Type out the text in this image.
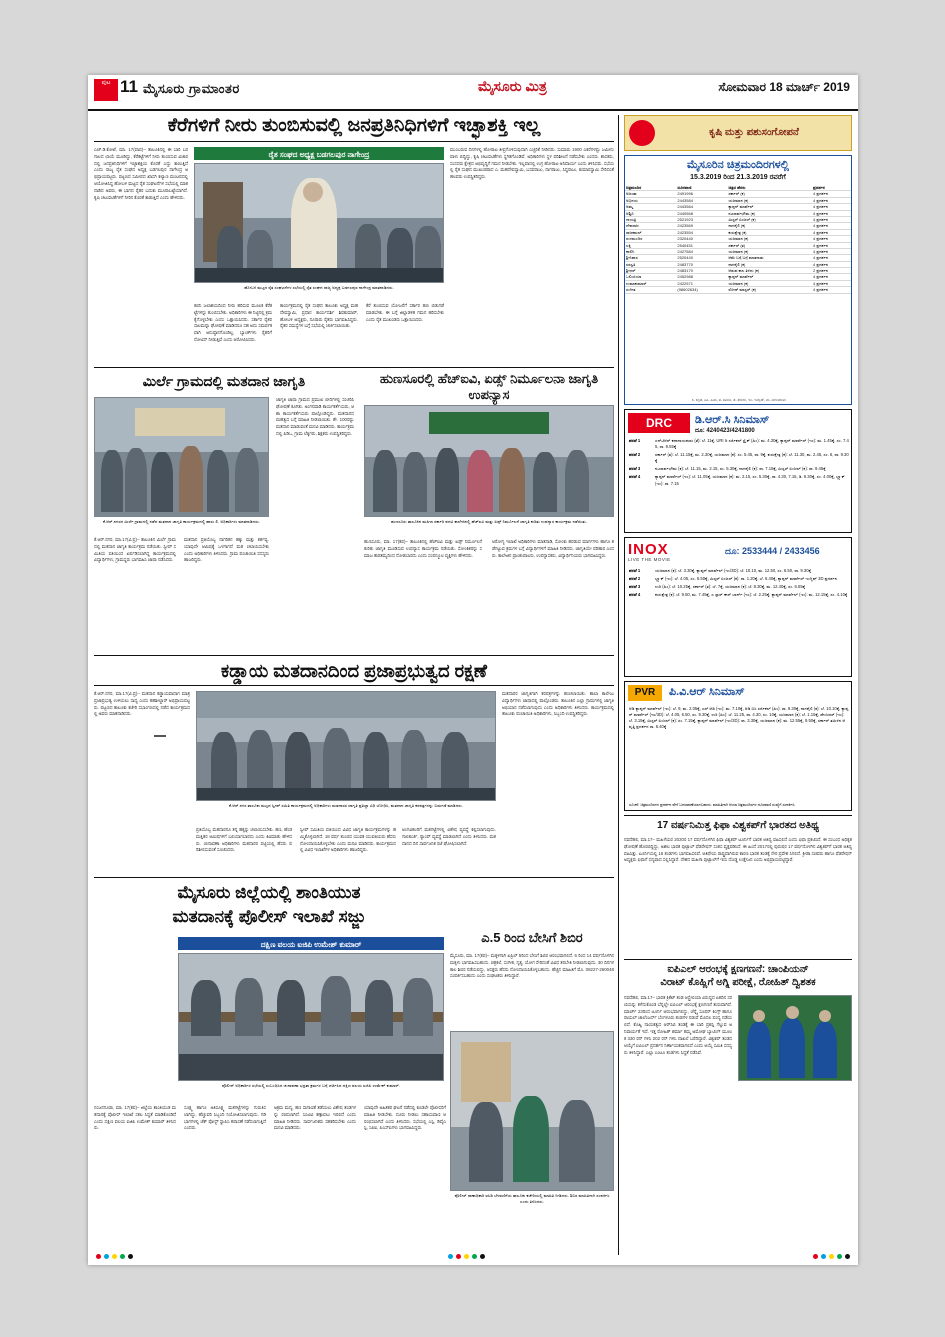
ಪುಟ 11 ಮೈಸೂರು ಗ್ರಾಮಾಂತರ	ಮೈಸೂರು ಮಿತ್ರ	ಸೋಮವಾರ 18 ಮಾರ್ಚ್ 2019
ಕೆರೆಗಳಿಗೆ ನೀರು ತುಂಬಿಸುವಲ್ಲಿ ಜನಪ್ರತಿನಿಧಿಗಳಿಗೆ ಇಚ್ಛಾಶಕ್ತಿ ಇಲ್ಲ
ಎಚ್.ಡಿ.ಕೋಟೆ, ಮಾ. 17(ವಾಪ)– ತಾಲೂಕಿನಲ್ಲಿ ಈ ಬಾರಿ ಬರಗಾಲದ ಛಾಯೆ ಮೂಡಿದ್ದು, ಕೆರೆಕಟ್ಟೆಗಳಿಗೆ ನೀರು ತುಂಬಿಸುವ ವಿಚಾರದಲ್ಲಿ ಜನಪ್ರತಿನಿಧಿಗಳಿಗೆ ಇಚ್ಛಾಶಕ್ತಿಯ ಕೊರತೆ ಎದ್ದು ಕಾಣುತ್ತಿದೆ ಎಂದು ರಾಜ್ಯ ರೈತ ಸಂಘದ ಅಧ್ಯಕ್ಷ ಬಡಗಲಪುರ ನಾಗೇಂದ್ರ ಅಭಿಪ್ರಾಯಪಟ್ಟರು. ಪಟ್ಟಣದ ಸಮೀಪದ ಖಾಸಗಿ ಕಲ್ಯಾಣ ಮಂಟಪದಲ್ಲಿ ಆಯೋಜಿಸಿದ್ದ ಹೋಬಳಿ ಮಟ್ಟದ ರೈತ ಸಂಘಟನೆಗಳ ಸಭೆಯಲ್ಲಿ ಮಾತನಾಡಿದ ಅವರು, ಈ ಭಾಗದ ರೈತರ ಬದುಕು ಮೂರಾಬಟ್ಟೆಯಾಗಿದೆ. ಕೃಷಿ ಚಟುವಟಿಕೆಗಳಿಗೆ ನೀರಿನ ಕೊರತೆ ಕಾಡುತ್ತಿದೆ ಎಂದು ಹೇಳಿದರು.
ರೈತ ಸಂಘದ ಅಧ್ಯಕ್ಷ ಬಡಗಲಪುರ ನಾಗೇಂದ್ರ
ಹೋಬಳಿ ಮಟ್ಟದ ರೈತ ಸಂಘಟನೆಗಳ ಸಭೆಯಲ್ಲಿ ರೈತ ಸಂಘದ ರಾಜ್ಯ ಅಧ್ಯಕ್ಷ ಬಡಗಲಪುರ ನಾಗೇಂದ್ರ ಮಾತನಾಡಿದರು.
ಕಬಿನಿ ಜಲಾಶಯದಿಂದ ನೀರು ಹರಿಸುವ ಮೂಲಕ ಕೆರೆಕಟ್ಟೆಗಳನ್ನು ತುಂಬಿಸಬೇಕು. ಅಧಿಕಾರಿಗಳು ಈ ನಿಟ್ಟಿನಲ್ಲಿ ಕ್ರಮ ಕೈಗೊಳ್ಳಬೇಕು ಎಂದು ಒತ್ತಾಯಿಸಿದರು. ಸರ್ಕಾರ ರೈತರ ಸಾಲಮನ್ನಾ ಘೋಷಣೆ ಮಾಡಿದರೂ ಸಹ ಅದು ಸಮರ್ಪಕವಾಗಿ ಅನುಷ್ಠಾನಗೊಂಡಿಲ್ಲ. ಬ್ಯಾಂಕ್‌ಗಳು ರೈತರಿಗೆ ನೋಟಿಸ್ ನೀಡುತ್ತಿವೆ ಎಂದು ಆರೋಪಿಸಿದರು.
ಕಾರ್ಯಕ್ರಮದಲ್ಲಿ ರೈತ ಸಂಘದ ತಾಲೂಕು ಅಧ್ಯಕ್ಷ ಮಹದೇವಸ್ವಾಮಿ, ಪ್ರಧಾನ ಕಾರ್ಯದರ್ಶಿ ಶಿವಕುಮಾರ್, ಹೋಬಳಿ ಅಧ್ಯಕ್ಷರು, ನೂರಾರು ರೈತರು ಭಾಗವಹಿಸಿದ್ದರು. ರೈತರ ಸಮಸ್ಯೆಗಳ ಬಗ್ಗೆ ಸಭೆಯಲ್ಲಿ ಚರ್ಚಿಸಲಾಯಿತು.
ಕೆರೆ ತುಂಬಿಸುವ ಯೋಜನೆಗೆ ಸರ್ಕಾರ ಹಣ ಬಿಡುಗಡೆ ಮಾಡಬೇಕು. ಈ ಬಗ್ಗೆ ಜಿಲ್ಲಾಡಳಿತ ಗಮನ ಹರಿಸಬೇಕು ಎಂದು ರೈತ ಮುಖಂಡರು ಒತ್ತಾಯಿಸಿದರು.
ಮುಂಬರುವ ದಿನಗಳಲ್ಲಿ ಹೋರಾಟ ತೀವ್ರಗೊಳಿಸುವುದಾಗಿ ಎಚ್ಚರಿಕೆ ನೀಡಿದರು. ಸುಮಾರು 1900 ಎಕರೆಗಳಷ್ಟು ಜಮೀನು ಪಾಳು ಬಿದ್ದಿದ್ದು, ಕೃಷಿ ಚಟುವಟಿಕೆಗಳು ಸ್ಥಗಿತಗೊಂಡಿವೆ. ಅಧಿಕಾರಿಗಳು ಸ್ಥಳ ಪರಿಶೀಲನೆ ನಡೆಸಬೇಕು ಎಂದರು. ಶಾಸಕರು, ಸಂಸದರು ಕ್ಷೇತ್ರದ ಅಭಿವೃದ್ಧಿಗೆ ಗಮನ ನೀಡಬೇಕು. ಇಲ್ಲವಾದಲ್ಲಿ ಉಗ್ರ ಹೋರಾಟ ಅನಿವಾರ್ಯ ಎಂದು ತಿಳಿಸಿದರು. ಸಭೆಯಲ್ಲಿ ರೈತ ಸಂಘದ ಮುಖಂಡರಾದ ಎ. ಮಹದೇವಸ್ವಾಮಿ, ಬಸವರಾಜು, ನಾಗರಾಜು, ಸಿದ್ದರಾಜು, ಕುಮಾರಸ್ವಾಮಿ ಸೇರಿದಂತೆ ಹಲವರು ಉಪಸ್ಥಿತರಿದ್ದರು.
ಮಿರ್ಲೆ ಗ್ರಾಮದಲ್ಲಿ ಮತದಾನ ಜಾಗೃತಿ	ಹುಣಸೂರಲ್ಲಿ ಹೆಚ್‌ಐವಿ, ಏಡ್ಸ್ ನಿರ್ಮೂಲನಾ ಜಾಗೃತಿ ಉಪನ್ಯಾಸ
ಕೆ.ಆರ್.ನಗರದ ಮಿರ್ಲೆ ಗ್ರಾಮದಲ್ಲಿ ನಡೆದ ಮತದಾನ ಜಾಗೃತಿ ಕಾರ್ಯಕ್ರಮದಲ್ಲಿ ಹಾರು ಲಿ. ಅಧಿಕಾರಿಗಳು ಮಾತನಾಡಿದರು.
ಕೆ.ಆರ್.ನಗರ, ಮಾ.17(ವಿ.ಪ್ರ)– ತಾಲೂಕಿನ ಮಿರ್ಲೆ ಗ್ರಾಮದಲ್ಲಿ ಮತದಾನ ಜಾಗೃತಿ ಕಾರ್ಯಕ್ರಮ ನಡೆಯಿತು. ಸ್ವೀಪ್ ಸಮಿತಿಯ ವತಿಯಿಂದ ಏರ್ಪಡಿಸಲಾಗಿದ್ದ ಕಾರ್ಯಕ್ರಮದಲ್ಲಿ ವಿದ್ಯಾರ್ಥಿಗಳು, ಗ್ರಾಮಸ್ಥರು ಭಾಗವಹಿಸಿ ಜಾಥಾ ನಡೆಸಿದರು.
ಮತದಾನ ಪ್ರತಿಯೊಬ್ಬ ನಾಗರಿಕನ ಹಕ್ಕು ಮತ್ತು ಕರ್ತವ್ಯ. ಯಾವುದೇ ಆಮಿಷಕ್ಕೆ ಒಳಗಾಗದೆ ಮತ ಚಲಾಯಿಸಬೇಕು ಎಂದು ಅಧಿಕಾರಿಗಳು ತಿಳಿಸಿದರು. ಗ್ರಾಮ ಪಂಚಾಯಿತಿ ಸದಸ್ಯರು ಹಾಜರಿದ್ದರು.
ಜಾಗೃತಿ ಜಾಥಾ ಗ್ರಾಮದ ಪ್ರಮುಖ ಬೀದಿಗಳಲ್ಲಿ ಸಂಚರಿಸಿ ಘೋಷಣೆ ಕೂಗಿತು. ಅಂಗನವಾಡಿ ಕಾರ್ಯಕರ್ತೆಯರು, ಆಶಾ ಕಾರ್ಯಕರ್ತೆಯರು ಪಾಲ್ಗೊಂಡಿದ್ದರು. ಮತದಾನದ ಮಹತ್ವದ ಬಗ್ಗೆ ಮಾಹಿತಿ ನೀಡಲಾಯಿತು. ಶೇ. 100ರಷ್ಟು ಮತದಾನ ಮಾಡುವಂತೆ ಮನವಿ ಮಾಡಿದರು. ಕಾರ್ಯಕ್ರಮದಲ್ಲಿ ಪಿಡಿಒ, ಗ್ರಾಮ ಲೆಕ್ಕಿಗರು, ಶಿಕ್ಷಕರು ಉಪಸ್ಥಿತರಿದ್ದರು.
ಹುಣಸೂರು ತಾಲೂಕಿನ ಮಹಿಳಾ ಸರ್ಕಾರಿ ಪದವಿ ಕಾಲೇಜಿನಲ್ಲಿ ಹೆಚ್‌ಐವಿ ಮತ್ತು ಏಡ್ಸ್ ನಿರ್ಮೂಲನೆ ಜಾಗೃತಿ ಕುರಿತು ಉಪನ್ಯಾಸ ಕಾರ್ಯಕ್ರಮ ನಡೆಯಿತು.
ಹುಣಸೂರು, ಮಾ. 17(ಕಪ)– ತಾಲೂಕಿನಲ್ಲಿ ಹೆಚ್‌ಐವಿ ಮತ್ತು ಏಡ್ಸ್ ನಿರ್ಮೂಲನೆ ಕುರಿತು ಜಾಗೃತಿ ಮೂಡಿಸುವ ಉಪನ್ಯಾಸ ಕಾರ್ಯಕ್ರಮ ನಡೆಯಿತು. ಸೋಂಕಿತರನ್ನು ಸಮಾಜ ತಾರತಮ್ಯದಿಂದ ನೋಡಬಾರದು ಎಂದು ಸಂಪನ್ಮೂಲ ವ್ಯಕ್ತಿಗಳು ಹೇಳಿದರು.
ಆರೋಗ್ಯ ಇಲಾಖೆ ಅಧಿಕಾರಿಗಳು ಮಾತನಾಡಿ, ಸೋಂಕು ಹರಡುವ ಮಾರ್ಗಗಳು ಹಾಗೂ ತಡೆಗಟ್ಟುವ ಕ್ರಮಗಳ ಬಗ್ಗೆ ವಿದ್ಯಾರ್ಥಿಗಳಿಗೆ ಮಾಹಿತಿ ನೀಡಿದರು. ಜಾಗೃತಿಯೇ ಪರಿಹಾರ ಎಂದರು. ಕಾಲೇಜಿನ ಪ್ರಾಂಶುಪಾಲರು, ಉಪನ್ಯಾಸಕರು, ವಿದ್ಯಾರ್ಥಿನಿಯರು ಭಾಗವಹಿಸಿದ್ದರು.
ಕಡ್ಡಾಯ ಮತದಾನದಿಂದ ಪ್ರಜಾಪ್ರಭುತ್ವದ ರಕ್ಷಣೆ
ಕೆ.ಆರ್.ನಗರ, ಮಾ.17(ವಿ.ಪ್ರ)– ಮತದಾನ ಕಡ್ಡಾಯವಾದಾಗ ಮಾತ್ರ ಪ್ರಜಾಪ್ರಭುತ್ವ ಉಳಿಯಲು ಸಾಧ್ಯ ಎಂದು ತಹಶೀಲ್ದಾರ್ ಅಭಿಪ್ರಾಯಪಟ್ಟರು. ಪಟ್ಟಣದ ತಾಲೂಕು ಕಚೇರಿ ಸಭಾಂಗಣದಲ್ಲಿ ನಡೆದ ಕಾರ್ಯಕ್ರಮದಲ್ಲಿ ಅವರು ಮಾತನಾಡಿದರು.
ಕೆ.ಆರ್.ನಗರ ತಾಲೂಕು ಮಟ್ಟದ ಸ್ವೀಪ್ ಸಮಿತಿ ಕಾರ್ಯಕ್ರಮದಲ್ಲಿ ಅಧಿಕಾರಿಗಳು ಮತದಾರರ ಜಾಗೃತಿ ಪ್ರತಿಜ್ಞಾ ವಿಧಿ ಬೋಧಿಸಿ, ಮತದಾನ ಜಾಗೃತಿ ಕರಪತ್ರಗಳನ್ನು ಬಿಡುಗಡೆ ಮಾಡಿದರು.
ಪ್ರತಿಯೊಬ್ಬ ಮತದಾರನೂ ತನ್ನ ಹಕ್ಕನ್ನು ಚಲಾಯಿಸಬೇಕು. ಹಣ, ಹೆಂಡ ಮತ್ತಿತರ ಆಮಿಷಗಳಿಗೆ ಬಲಿಯಾಗಬಾರದು ಎಂದು ಕಿವಿಮಾತು ಹೇಳಿದರು. ಚುನಾವಣಾ ಅಧಿಕಾರಿಗಳು ಮತದಾರರ ಪಟ್ಟಿಯಲ್ಲಿ ಹೆಸರು ಪರಿಶೀಲಿಸುವಂತೆ ಸೂಚಿಸಿದರು.
ಸ್ವೀಪ್ ಸಮಿತಿಯ ವತಿಯಿಂದ ವಿವಿಧ ಜಾಗೃತಿ ಕಾರ್ಯಕ್ರಮಗಳನ್ನು ಹಮ್ಮಿಕೊಳ್ಳಲಾಗಿದೆ. 18 ವರ್ಷ ತುಂಬಿದ ಯುವಕ ಯುವತಿಯರು ಹೆಸರು ನೋಂದಾಯಿಸಿಕೊಳ್ಳಬೇಕು ಎಂದು ಮನವಿ ಮಾಡಿದರು. ಕಾರ್ಯಕ್ರಮದಲ್ಲಿ ವಿವಿಧ ಇಲಾಖೆಗಳ ಅಧಿಕಾರಿಗಳು ಹಾಜರಿದ್ದರು.
ಅಂಗವಿಕಲರಿಗೆ ಮತಗಟ್ಟೆಗಳಲ್ಲಿ ವಿಶೇಷ ವ್ಯವಸ್ಥೆ ಕಲ್ಪಿಸಲಾಗುವುದು. ಗಾಲಿಕುರ್ಚಿ, ರ‍್ಯಾಂಪ್ ವ್ಯವಸ್ಥೆ ಮಾಡಲಾಗಿದೆ ಎಂದು ತಿಳಿಸಿದರು. ಮತದಾನದ ದಿನ ಸಾರ್ವಜನಿಕ ರಜೆ ಘೋಷಿಸಲಾಗಿದೆ.
ಮತದಾರರ ಜಾಗೃತಿಗಾಗಿ ಕರಪತ್ರಗಳನ್ನು ಹಂಚಲಾಯಿತು. ಶಾಲಾ ಕಾಲೇಜು ವಿದ್ಯಾರ್ಥಿಗಳು ಜಾಥಾದಲ್ಲಿ ಪಾಲ್ಗೊಂಡರು. ತಾಲೂಕಿನ ಎಲ್ಲಾ ಗ್ರಾಮಗಳಲ್ಲಿ ಜಾಗೃತಿ ಅಭಿಯಾನ ನಡೆಸಲಾಗುವುದು ಎಂದು ಅಧಿಕಾರಿಗಳು ತಿಳಿಸಿದರು. ಕಾರ್ಯಕ್ರಮದಲ್ಲಿ ತಾಲೂಕು ಪಂಚಾಯಿತಿ ಅಧಿಕಾರಿಗಳು, ಸಿಬ್ಬಂದಿ ಉಪಸ್ಥಿತರಿದ್ದರು.
ಮೈಸೂರು ಜಿಲ್ಲೆಯಲ್ಲಿ ಶಾಂತಿಯುತ
ಮತದಾನಕ್ಕೆ ಪೊಲೀಸ್ ಇಲಾಖೆ ಸಜ್ಜು
ದಕ್ಷಿಣ ವಲಯ ಐಜಿಪಿ ಉಮೇಶ್ ಕುಮಾರ್
ಪೊಲೀಸ್ ಅಧಿಕಾರಿಗಳ ಸಭೆಯಲ್ಲಿ ಸಂಬಂಧಿಸಿದ ಚುನಾವಣಾ ಭದ್ರತಾ ಕ್ರಮಗಳ ಬಗ್ಗೆ ಚರ್ಚಿಸಿದ ದಕ್ಷಿಣ ವಲಯ ಐಜಿಪಿ ಉಮೇಶ್ ಕುಮಾರ್.
ನಂಜನಗೂಡು, ಮಾ. 17(ಕಪ)– ಜಿಲ್ಲೆಯ ಶಾಂತಿಯುತ ಮತದಾನಕ್ಕೆ ಪೊಲೀಸ್ ಇಲಾಖೆ ಸಕಲ ಸಿದ್ಧತೆ ಮಾಡಿಕೊಂಡಿದೆ ಎಂದು ದಕ್ಷಿಣ ವಲಯ ಐಜಿಪಿ ಉಮೇಶ್ ಕುಮಾರ್ ತಿಳಿಸಿದರು.
ಸೂಕ್ಷ್ಮ ಹಾಗೂ ಅತಿಸೂಕ್ಷ್ಮ ಮತಗಟ್ಟೆಗಳನ್ನು ಗುರುತಿಸಲಾಗಿದ್ದು, ಹೆಚ್ಚುವರಿ ಸಿಬ್ಬಂದಿ ನಿಯೋಜಿಸಲಾಗುವುದು. ಗಡಿ ಭಾಗಗಳಲ್ಲಿ ಚೆಕ್ ಪೋಸ್ಟ್ ಸ್ಥಾಪಿಸಿ ತಪಾಸಣೆ ನಡೆಸಲಾಗುತ್ತಿದೆ ಎಂದರು.
ಅಕ್ರಮ ಮದ್ಯ, ಹಣ ಸಾಗಾಣಿಕೆ ತಡೆಯಲು ವಿಶೇಷ ತಂಡಗಳನ್ನು ರಚಿಸಲಾಗಿದೆ. ಸಿಸಿಟಿವಿ ಕಣ್ಗಾವಲು ಇರಲಿದೆ ಎಂದು ಮಾಹಿತಿ ನೀಡಿದರು. ಸಾರ್ವಜನಿಕರು ಸಹಕರಿಸಬೇಕು ಎಂದು ಮನವಿ ಮಾಡಿದರು.
ಯಾವುದೇ ಅಹಿತಕರ ಘಟನೆ ನಡೆದಲ್ಲಿ ಕೂಡಲೇ ಪೊಲೀಸರಿಗೆ ಮಾಹಿತಿ ನೀಡಬೇಕು. ದೂರು ನೀಡಲು ಸಹಾಯವಾಣಿ ಆರಂಭಿಸಲಾಗಿದೆ ಎಂದು ತಿಳಿಸಿದರು. ಸಭೆಯಲ್ಲಿ ಎಸ್ಪಿ, ಡಿವೈಎಸ್ಪಿ, ಸಿಪಿಐ, ಪಿಎಸ್ಐಗಳು ಭಾಗವಹಿಸಿದ್ದರು.
ಎ.5 ರಿಂದ ಬೇಸಿಗೆ ಶಿಬಿರ
ಮೈಸೂರು, ಮಾ. 17(ಕಪ)– ಮಕ್ಕಳಿಗಾಗಿ ಏಪ್ರಿಲ್ 5ರಿಂದ ಬೇಸಿಗೆ ಶಿಬಿರ ಆರಂಭವಾಗಲಿದೆ. 6 ರಿಂದ 14 ವರ್ಷದೊಳಗಿನ ಮಕ್ಕಳು ಭಾಗವಹಿಸಬಹುದು. ಚಿತ್ರಕಲೆ, ಸಂಗೀತ, ನೃತ್ಯ, ಯೋಗ ಸೇರಿದಂತೆ ವಿವಿಧ ತರಬೇತಿ ನೀಡಲಾಗುವುದು. 30 ದಿನಗಳ ಕಾಲ ಶಿಬಿರ ನಡೆಯಲಿದ್ದು, ಆಸಕ್ತರು ಹೆಸರು ನೋಂದಾಯಿಸಿಕೊಳ್ಳಬಹುದು. ಹೆಚ್ಚಿನ ಮಾಹಿತಿಗೆ ಮೊ. 08227-260048 ಸಂಪರ್ಕಿಸಬಹುದು ಎಂದು ಸಂಘಟಕರು ತಿಳಿಸಿದ್ದಾರೆ.
ಪೊಲೀಸ್ ಠಾಣಾಧಿಕಾರಿ ಐಸಿಡಿ ಬೆಳವಣಿಗೆಯ ತಾಲೂಕು ಕಚೇರಿಯಲ್ಲಿ ಮಾಹಿತಿ ನೀಡಿದರು. ಶಿಬಿರ ಮಾಹಿತಿಗಾಗಿ ಸಂಪರ್ಕಿಸಿ ಎಂದು ತಿಳಿಸಿದರು.
ಕೃಷಿ ಮತ್ತು ಪಶುಸಂಗೋಪನೆ
ಮೈಸೂರಿನ ಚಿತ್ರಮಂದಿರಗಳಲ್ಲಿ
15.3.2019 ರಿಂದ 21.3.2019 ರವರೆಗೆ
ಚಿತ್ರಮಂದಿರ	ದೂರವಾಣಿ	ಚಿತ್ರದ ಹೆಸರು	ಪ್ರದರ್ಶನ
ಅಜಂತಾ	2491996	ಸರ್ಕಾರ್ (ಕ)	4 ಪ್ರದರ್ಶನ
ಅಭಿನಯ	2443584	ಯಜಮಾನ (ಕ)	4 ಪ್ರದರ್ಶನ
ಅಮ್ಮ	2443564	ಕ್ಯಾಪ್ಟನ್ ಮಾರ್ವೆಲ್	4 ಪ್ರದರ್ಶನ
ಆಶ್ವಿನಿ	2440568	ನಟಸಾರ್ವಭೌಮ (ಕ)	4 ಪ್ರದರ್ಶನ
ಗಾಯತ್ರಿ	2521923	ಮಿಸ್ಟರ್ ಏಂಜಲ್ (ಕ)	4 ಪ್ರದರ್ಶನ
ದೇವರಾಜ	2423569	ನಾಗಶೈಲಿ (ಕ)	4 ಪ್ರದರ್ಶನ
ರಾಜಕಮಲ್	2423554	ಕುರುಕ್ಷೇತ್ರ (ಕ)	4 ಪ್ರದರ್ಶನ
ರಂಗಮಂದಿರ	2320440	ಯಜಮಾನ (ಕ)	4 ಪ್ರದರ್ಶನ
ಲಕ್ಷ್ಮಿ	2540451	ಸರ್ಕಾರ್ (ತ)	4 ಪ್ರದರ್ಶನ
ಶಾಲಿನಿ	2427584	ಯಜಮಾನ (ಕ)	4 ಪ್ರದರ್ಶನ
ಶ್ರೀನಿವಾಸ	2520440	ಆಮೆ ಬಗ್ಗೆ ಬಗ್ಗೆ ಮಾತನಾಡು	4 ಪ್ರದರ್ಶನ
ಸರಸ್ವತಿ	2483770	ನಾಗಶೈಲಿ (ಕ)	4 ಪ್ರದರ್ಶನ
ಶ್ರೀಧರ್	2483170	ಆಡುವ ಕಾಲ ತಿಳಿದು (ಕ)	2 ಪ್ರದರ್ಶನ
ಒಲಿಂಪಿಯಾ	2452988	ಕ್ಯಾಪ್ಟನ್ ಮಾರ್ವೆಲ್	4 ಪ್ರದರ್ಶನ
ಉಮಾಕುಮಾರ್	2422571	ಯಜಮಾನ (ಕ)	4 ಪ್ರದರ್ಶನ
ಸಂಗೀತ	(98602634)	ರೋಡ್ ಮಾಸ್ಟರ್ (ಕ)	4 ಪ್ರದರ್ಶನ
ಕ- ಕನ್ನಡ, ಹಿಂ- ಹಿಂದಿ, ತ- ತಮಿಳು, ತೆ- ತೆಲುಗು, ಇಂ- ಇಂಗ್ಲಿಷ್, ಮ- ಮಲಯಾಳಂ
DRC	ಡಿ.ಆರ್.ಸಿ ಸಿನಿಮಾಸ್
ದೂ: 4240423/4241800
ಪರದೆ 1	ಎನ್‌ಟಿಆರ್ ಕಥಾನಾಯಕುಡು (ತೆ): ಬೆ. 11ಕ್ಕೆ, URI ದಿ ಸರ್ಜಿಕಲ್ ಸ್ಟ್ರೈಕ್ (ಹಿಂ): ಮ. 4.30ಕ್ಕೆ, ಕ್ಯಾಪ್ಟನ್ ಮಾರ್ವೆಲ್ (ಇಂ): ಮ. 1.45ಕ್ಕೆ, ಸಂ. 7.45, ರಾ. 9.55ಕ್ಕೆ
ಪರದೆ 2	ಸರ್ಕಾರ್ (ತ): ಬೆ. 11.15ಕ್ಕೆ, ಮ. 2.30ಕ್ಕೆ, ಯಜಮಾನ (ಕ): ಸಂ. 5.45, ರಾ. 9ಕ್ಕೆ, ಕುರುಕ್ಷೇತ್ರ (ಕ): ಬೆ. 11.30, ಮ. 2.45, ಸಂ. 6, ರಾ. 9.30ಕ್ಕೆ
ಪರದೆ 3	ನಟಸಾರ್ವಭೌಮ (ಕ): ಬೆ. 11.15, ಮ. 2.15, ಸಂ. 5.30ಕ್ಕೆ, ನಾಗಶೈಲಿ (ಕ): ರಾ. 7.15ಕ್ಕೆ, ಮಿಸ್ಟರ್ ಏಂಜಲ್ (ಕ): ರಾ. 9.45ಕ್ಕೆ
ಪರದೆ 4	ಕ್ಯಾಪ್ಟನ್ ಮಾರ್ವೆಲ್ (ಇಂ): ಬೆ. 11.05ಕ್ಕೆ, ಯಜಮಾನ (ಕ): ಮ. 2.15, ಸಂ. 5.30ಕ್ಕೆ, ರಾ. 4.30, 7.15, ಡಿ. 9.30ಕ್ಕೆ, ಸಂ. 4.00ಕ್ಕೆ, ಬ್ಲ್ಯಾಕ್ (ಇಂ): ರಾ. 7.15
INOX
LIVE THE MOVIE
ದೂ: 2533444 / 2433456
ಪರದೆ 1	ಯಜಮಾನ (ಕ): ಬೆ. 3.30ಕ್ಕೆ, ಕ್ಯಾಪ್ಟನ್ ಮಾರ್ವೆಲ್ (ಇಂ/3D): ಬೆ. 10.10, ಮ. 12.50, ಸಂ. 6.50, ರಾ. 9.30ಕ್ಕೆ
ಪರದೆ 2	ಬ್ಲ್ಯಾಕ್ (ಇಂ): ಬೆ. 4.05, ಸಂ. 6.50ಕ್ಕೆ, ಮಿಸ್ಟರ್ ಏಂಜಲ್ (ಕ): ರಾ. 1.20ಕ್ಕೆ, ಬೆ. 6.40ಕ್ಕೆ, ಕ್ಯಾಪ್ಟನ್ ಮಾರ್ವೆಲ್ ಇಂಗ್ಲಿಷ್ 3D ಪ್ರದರ್ಶನ
ಪರದೆ 3	ಉರಿ (ಹಿಂ): ಬೆ. 10.25ಕ್ಕೆ, ಸರ್ಕಾರ್ (ತ): ಬೆ. 7ಕ್ಕೆ, ಯಜಮಾನ (ಕ): ಬೆ. 8.30ಕ್ಕೆ, ಮ. 12.40ಕ್ಕೆ, ಸಂ. 6.55ಕ್ಕೆ
ಪರದೆ 4	ಕುರುಕ್ಷೇತ್ರ (ಕ): ಬೆ. 9.50, ಮ. 7.45ಕ್ಕೆ, ಎ ಸ್ಟಾರ್ ಈಸ್ ಬಾರ್ನ್ (ಇಂ): ಬೆ. 2.25ಕ್ಕೆ, ಕ್ಯಾಪ್ಟನ್ ಮಾರ್ವೆಲ್ (ಇಂ): ಮ. 12.15ಕ್ಕೆ, ಸಂ. 4.10ಕ್ಕೆ
PVR	ಪಿ.ವಿ.ಆರ್ ಸಿನಿಮಾಸ್
ಆಡಿ ಕ್ಯಾಪ್ಟನ್ ಮಾರ್ವೆಲ್ (ಇಂ): ಬೆ. 9, ಮ. 2.05ಕ್ಕೆ, ಎಸ್ ಆಡಿ (ಇಂ): ಮ. 7.10ಕ್ಕೆ, ಆಡಿ ಬಿಸಿ ಸರ್ಜಿಕಲ್ (ಹಿಂ): ರಾ. 9.30ಕ್ಕೆ, ನಾಗಶೈಲಿ (ಕ): ಬೆ. 10.10ಕ್ಕೆ, ಕ್ಯಾಪ್ಟನ್ ಮಾರ್ವೆಲ್ (ಇಂ/3D): ಬೆ. 4.05, 6.50, ಸಂ. 9.30ಕ್ಕೆ, ಉರಿ (ಹಿಂ): ಬೆ. 11.25, ರಾ. 4.30, ಸಂ. 10ಕ್ಕೆ, ಯಜಮಾನ (ಕ): ಬೆ. 1.15ಕ್ಕೆ, ಡೇಂಜರಸ್ (ಇಂ): ಬೆ. 3.15ಕ್ಕೆ, ಮಿಸ್ಟರ್ ಏಂಜಲ್ (ಕ): ಸಂ. 7.15ಕ್ಕೆ, ಕ್ಯಾಪ್ಟನ್ ಮಾರ್ವೆಲ್ (ಇಂ/3D): ರಾ. 3.30ಕ್ಕೆ, ಯಜಮಾನ (ಕ): ಮ. 12.55ಕ್ಕೆ, 9.50ಕ್ಕೆ, ಸರ್ಕಾರ್ ತಮಿಳಿನ ಆವೃತ್ತಿ ಪ್ರದರ್ಶನ ರಾ. 6.40ಕ್ಕೆ
ಸೂಚನೆ: ಚಿತ್ರಮಂದಿರಗಳ ಪ್ರದರ್ಶನ ವೇಳೆ ಬದಲಾವಣೆಯಾಗಬಹುದು. ಮಾಹಿತಿಗಾಗಿ ಆಯಾ ಚಿತ್ರಮಂದಿರಗಳ ದೂರವಾಣಿ ಸಂಖ್ಯೆಗೆ ಸಂಪರ್ಕಿಸಿ.
17 ವರ್ಷನಿಮಿತ್ತ ಫಿಫಾ ವಿಶ್ವಕಪ್‌ಗೆ ಭಾರತದ ಅತಿಥ್ಯ
ನವದೆಹಲಿ, ಮಾ.17– ಮಹಿಳೆಯರ 2020ರ 17 ವರ್ಷದೊಳಗಿನ ಫಿಫಾ ವಿಶ್ವಕಪ್ ಟೂರ್ನಿಗೆ ಭಾರತ ಆತಿಥ್ಯ ವಹಿಸಲಿದೆ ಎಂದು ಫಿಫಾ ಪ್ರಕಟಿಸಿದೆ. ಈ ಸಂಬಂಧ ಅಧಿಕೃತ ಘೋಷಣೆ ಹೊರಬಿದ್ದಿದ್ದು, ಅಖಿಲ ಭಾರತ ಫುಟ್ಬಾಲ್ ಫೆಡರೇಷನ್ ಸಂತಸ ವ್ಯಕ್ತಪಡಿಸಿದೆ. ಈ ಹಿಂದೆ 2017ರಲ್ಲಿ ಪುರುಷರ 17 ವರ್ಷದೊಳಗಿನ ವಿಶ್ವಕಪ್‌ಗೆ ಭಾರತ ಆತಿಥ್ಯ ವಹಿಸಿತ್ತು. ಟೂರ್ನಿಯಲ್ಲಿ 16 ತಂಡಗಳು ಭಾಗವಹಿಸಲಿವೆ. ಆತಿಥೇಯ ರಾಷ್ಟ್ರವಾಗಿರುವ ಕಾರಣ ಭಾರತ ತಂಡಕ್ಕೆ ನೇರ ಪ್ರವೇಶ ಸಿಗಲಿದೆ. ಕ್ರೀಡಾ ಸಚಿವರು ಹಾಗೂ ಫೆಡರೇಷನ್ ಅಧ್ಯಕ್ಷರು ಫಿಫಾಗೆ ಧನ್ಯವಾದ ಸಲ್ಲಿಸಿದ್ದಾರೆ. ದೇಶದ ಮಹಿಳಾ ಫುಟ್ಬಾಲ್‌ಗೆ ಇದು ದೊಡ್ಡ ಉತ್ತೇಜನ ಎಂದು ಅಭಿಪ್ರಾಯಪಟ್ಟಿದ್ದಾರೆ.
ಐಪಿಎಲ್ ಆರಂಭಕ್ಕೆ ಕ್ಷಣಗಣನೆ: ಚಾಂಪಿಯನ್
ವಿರಾಟ್ ಕೊಹ್ಲಿಗೆ ಅಗ್ನಿ ಪರೀಕ್ಷೆ, ರೋಹಿತ್ ದ್ವಿಶತಕ
ನವದೆಹಲಿ, ಮಾ.17– ಭಾರತ ಕ್ರಿಕೆಟ್ ತಂಡ ಆಸ್ಟ್ರೇಲಿಯಾ ವಿರುದ್ಧದ ಏಕದಿನ ಸರಣಿಯನ್ನು ಕಳೆದುಕೊಂಡ ಬೆನ್ನಲ್ಲೇ ಐಪಿಎಲ್ ಆರಂಭಕ್ಕೆ ಕ್ಷಣಗಣನೆ ಶುರುವಾಗಿದೆ. ಮಾರ್ಚ್ 23ರಿಂದ ಟೂರ್ನಿ ಆರಂಭವಾಗಲಿದ್ದು, ಚೆನ್ನೈ ಸೂಪರ್ ಕಿಂಗ್ಸ್ ಹಾಗೂ ರಾಯಲ್ ಚಾಲೆಂಜರ್ಸ್ ಬೆಂಗಳೂರು ತಂಡಗಳ ನಡುವೆ ಮೊದಲ ಪಂದ್ಯ ನಡೆಯಲಿದೆ. ಕೊಹ್ಲಿ ನಾಯಕತ್ವದ ಆರ್‌ಸಿಬಿ ತಂಡಕ್ಕೆ ಈ ಬಾರಿ ಪ್ರಶಸ್ತಿ ಗೆಲ್ಲುವ ಅನಿವಾರ್ಯತೆ ಇದೆ. ಇತ್ತ ರೋಹಿತ್ ಶರ್ಮಾ ತಮ್ಮ ಅಮೋಘ ಬ್ಯಾಟಿಂಗ್ ಮೂಲಕ 330 ರನ್ ಗಳಿಸಿ 202 ರನ್ ಗಳಿಸಿ ದಾಖಲೆ ಬರೆದಿದ್ದಾರೆ. ವಿಶ್ವಕಪ್ ತಂಡದ ಆಯ್ಕೆಗೆ ಐಪಿಎಲ್ ಪ್ರದರ್ಶನ ನಿರ್ಣಾಯಕವಾಗಲಿದೆ ಎಂದು ಆಯ್ಕೆ ಸಮಿತಿ ಸದಸ್ಯರು ತಿಳಿಸಿದ್ದಾರೆ. ಎಲ್ಲಾ ಎಂಟೂ ತಂಡಗಳು ಸಿದ್ಧತೆ ನಡೆಸಿವೆ.
